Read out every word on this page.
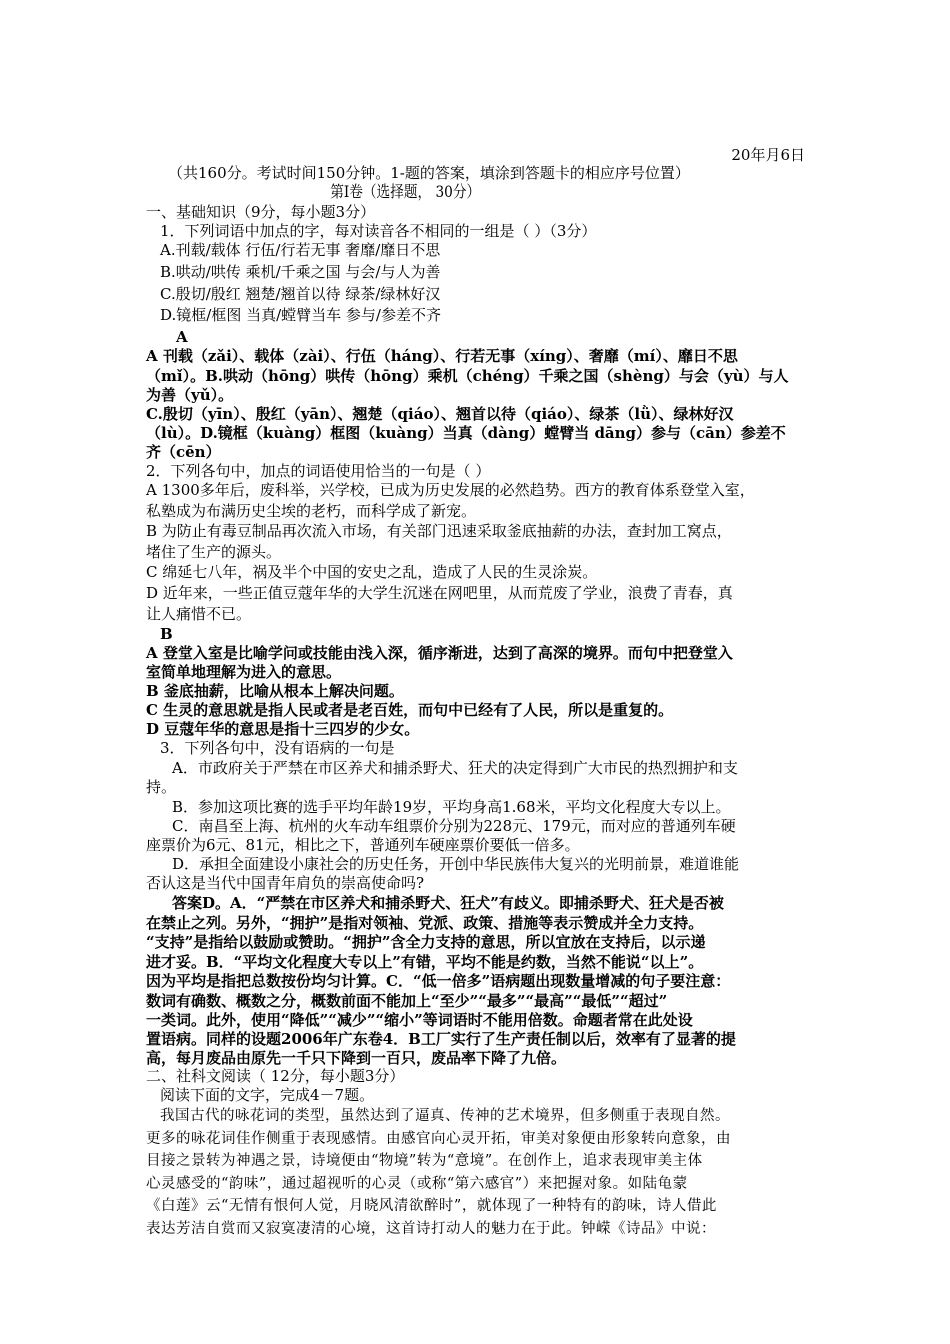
20年月6日
（共160分。考试时间150分钟。1-题的答案，填涂到答题卡的相应序号位置）
第I卷（选择题， 30分）
一、基础知识（9分，每小题3分）
1．下列词语中加点的字，每对读音各不相同的一组是（ ）（3分）
A.刊载/载体 行伍/行若无事 奢靡/靡日不思
B.哄动/哄传 乘机/千乘之国 与会/与人为善
C.殷切/殷红 翘楚/翘首以待 绿茶/绿林好汉
D.镜框/框图 当真/螳臂当车 参与/参差不齐
A
A 刊载（zǎi）、载体（zài）、行伍（háng）、行若无事（xíng）、奢靡（mí）、靡日不思
（mǐ）。B.哄动（hōng）哄传（hōng）乘机（chéng）千乘之国（shèng）与会（yù）与人
为善（yǔ）。
C.殷切（yīn）、殷红（yān）、翘楚（qiáo）、翘首以待（qiáo）、绿茶（lǜ）、绿林好汉
（lù）。D.镜框（kuàng）框图（kuàng）当真（dàng）螳臂当 dāng）参与（cān）参差不
齐（cēn）
2．下列各句中，加点的词语使用恰当的一句是（ ）
A 1300多年后，废科举，兴学校，已成为历史发展的必然趋势。西方的教育体系登堂入室，
私塾成为布满历史尘埃的老朽，而科学成了新宠。
B 为防止有毒豆制品再次流入市场，有关部门迅速采取釜底抽薪的办法，查封加工窝点，
堵住了生产的源头。
C 绵延七八年，祸及半个中国的安史之乱，造成了人民的生灵涂炭。
D 近年来，一些正值豆蔻年华的大学生沉迷在网吧里，从而荒废了学业，浪费了青春，真
让人痛惜不已。
B
A 登堂入室是比喻学问或技能由浅入深，循序渐进，达到了高深的境界。而句中把登堂入
室简单地理解为进入的意思。
B 釜底抽薪，比喻从根本上解决问题。
C 生灵的意思就是指人民或者是老百姓，而句中已经有了人民，所以是重复的。
D 豆蔻年华的意思是指十三四岁的少女。
3．下列各句中，没有语病的一句是
A．市政府关于严禁在市区养犬和捕杀野犬、狂犬的决定得到广大市民的热烈拥护和支
持。
B．参加这项比赛的选手平均年龄19岁，平均身高1.68米，平均文化程度大专以上。
C．南昌至上海、杭州的火车动车组票价分别为228元、179元，而对应的普通列车硬
座票价为6元、81元，相比之下，普通列车硬座票价要低一倍多。
D．承担全面建设小康社会的历史任务，开创中华民族伟大复兴的光明前景，难道谁能
否认这是当代中国青年肩负的崇高使命吗?
答案D。A．“严禁在市区养犬和捕杀野犬、狂犬”有歧义。即捕杀野犬、狂犬是否被
在禁止之列。另外，“拥护”是指对领袖、党派、政策、措施等表示赞成并全力支持。
“支持”是指给以鼓励或赞助。“拥护”含全力支持的意思，所以宜放在支持后，以示递
进才妥。B．“平均文化程度大专以上”有错，平均不能是约数，当然不能说“以上”。
因为平均是指把总数按份均匀计算。C．“低一倍多”语病题出现数量增减的句子要注意：
数词有确数、概数之分，概数前面不能加上“至少”“最多”“最高”“最低”“超过”
一类词。此外，使用“降低”“减少”“缩小”等词语时不能用倍数。命题者常在此处设
置语病。同样的设题2006年广东卷4．B工厂实行了生产责任制以后，效率有了显著的提
高，每月废品由原先一千只下降到一百只，废品率下降了九倍。
二、社科文阅读（ 12分，每小题3分）
阅读下面的文字，完成4－7题。
我国古代的咏花词的类型，虽然达到了逼真、传神的艺术境界，但多侧重于表现自然。
更多的咏花词佳作侧重于表现感情。由感官向心灵开拓，审美对象便由形象转向意象，由
目接之景转为神遇之景，诗境便由“物境”转为“意境”。在创作上，追求表现审美主体
心灵感受的“韵味”，通过超视听的心灵（或称“第六感官”）来把握对象。如陆龟蒙
《白莲》云“无情有恨何人觉，月晓风清欲醉时”，就体现了一种特有的韵味，诗人借此
表达芳洁自赏而又寂寞凄清的心境，这首诗打动人的魅力在于此。钟嵘《诗品》中说：
